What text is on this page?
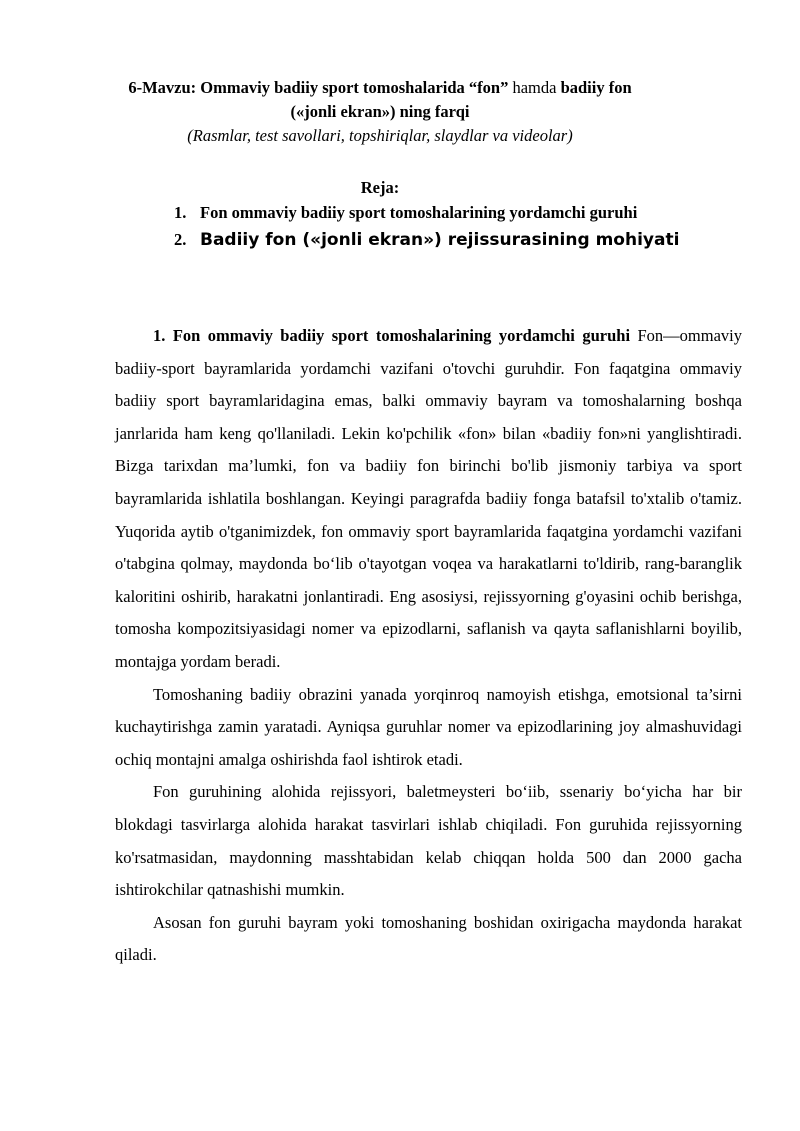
6-Mavzu: Ommaviy badiiy sport tomoshalarida “fon” hamda badiiy fon
(«jonli ekran») ning farqi
(Rasmlar, test savollari, topshiriqlar, slaydlar va videolar)
Reja:
1. Fon ommaviy badiiy sport tomoshalarining yordamchi guruhi
2. Badiiy fon («jonli ekran») rejissurasining mohiyati

1. Fon ommaviy badiiy sport tomoshalarining yordamchi guruhi Fon—ommaviy badiiy-sport bayramlarida yordamchi vazifani o'tovchi guruhdir. Fon faqatgina ommaviy badiiy sport bayramlaridagina emas, balki ommaviy bayram va tomoshalarning boshqa janrlarida ham keng qo'llaniladi. Lekin ko'pchilik «fon» bilan «badiiy fon»ni yanglishtiradi. Bizga tarixdan ma’lumki, fon va badiiy fon birinchi bo'lib jismoniy tarbiya va sport bayramlarida ishlatila boshlangan. Keyingi paragrafda badiiy fonga batafsil to'xtalib o'tamiz. Yuqorida aytib o'tganimizdek, fon ommaviy sport bayramlarida faqatgina yordamchi vazifani o'tabgina qolmay, maydonda bo‘lib o'tayotgan voqea va harakatlarni to'ldirib, rang-baranglik kaloritini oshirib, harakatni jonlantiradi. Eng asosiysi, rejissyorning g'oyasini ochib berishga, tomosha kompozitsiyasidagi nomer va epizodlarni, saflanish va qayta saflanishlarni boyilib, montajga yordam beradi.

Tomoshaning badiiy obrazini yanada yorqinroq namoyish etishga, emotsional ta’sirni kuchaytirishga zamin yaratadi. Ayniqsa guruhlar nomer va epizodlarining joy almashuvidagi ochiq montajni amalga oshirishda faol ishtirok etadi.

Fon guruhining alohida rejissyori, baletmeysteri bo‘iib, ssenariy bo‘yicha har bir blokdagi tasvirlarga alohida harakat tasvirlari ishlab chiqiladi. Fon guruhida rejissyorning ko'rsatmasidan, maydonning masshtabidan kelab chiqqan holda 500 dan 2000 gacha ishtirokchilar qatnashishi mumkin.

Asosan fon guruhi bayram yoki tomoshaning boshidan oxirigacha maydonda harakat qiladi.
